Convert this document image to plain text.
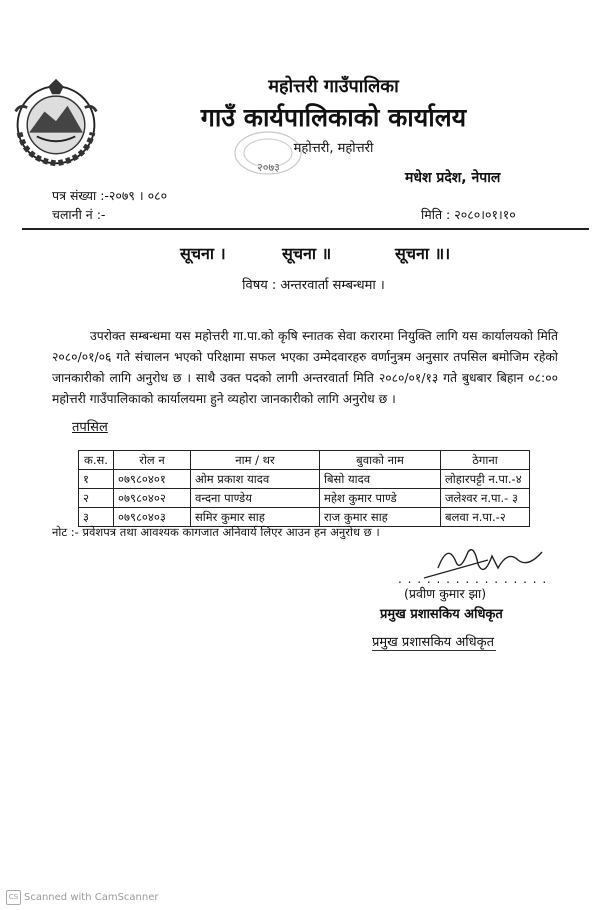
महोत्तरी गाउँपालिका
गाउँ कार्यपालिकाको कार्यालय
महोत्तरी, महोत्तरी
२०७३
मधेश प्रदेश, नेपाल
पत्र संख्या :-२०७९ । ०८०
चलानी नं :-	मिति : २०८०।०१।१०
सूचना ।	सूचना ॥	सूचना ॥।
विषय : अन्तरवार्ता सम्बन्धमा ।
उपरोक्त सम्बन्धमा यस महोत्तरी गा.पा.को कृषि स्नातक सेवा करारमा नियुक्ति लागि यस कार्यालयको मिति २०८०/०१/०६ गते संचालन भएको परिक्षामा सफल भएका उम्मेदवारहरु वर्णानुत्रम अनुसार तपसिल बमोजिम रहेको जानकारीको लागि अनुरोध छ । साथै उक्त पदको लागी अन्तरवार्ता मिति २०८०/०१/१३ गते बुधबार बिहान ०८:०० महोत्तरी गाउँपालिकाको कार्यालयमा हुने व्यहोरा जानकारीको लागि अनुरोध छ ।
तपसिल
क.स.	रोल न	नाम / थर	बुवाको नाम	ठेगाना
१	०७९८०४०१	ओम प्रकाश यादव	बिसो यादव	लोहारपट्टी न.पा.-४
२	०७९८०४०२	वन्दना पाण्डेय	महेश कुमार पाण्डे	जलेश्वर न.पा.- ३
३	०७९८०४०३	समिर कुमार साह	राज कुमार साह	बलवा न.पा.-२
नोट :- प्रवेशपत्र तथा आवश्यक कागजात अनिवार्य लिएर आउन हन अनुरोध छ ।
. . . . . . . . . . . . . . . .
(प्रवीण कुमार झा)
प्रमुख प्रशासकिय अधिकृत
प्रमुख प्रशासकिय अधिकृत
CS Scanned with CamScanner
